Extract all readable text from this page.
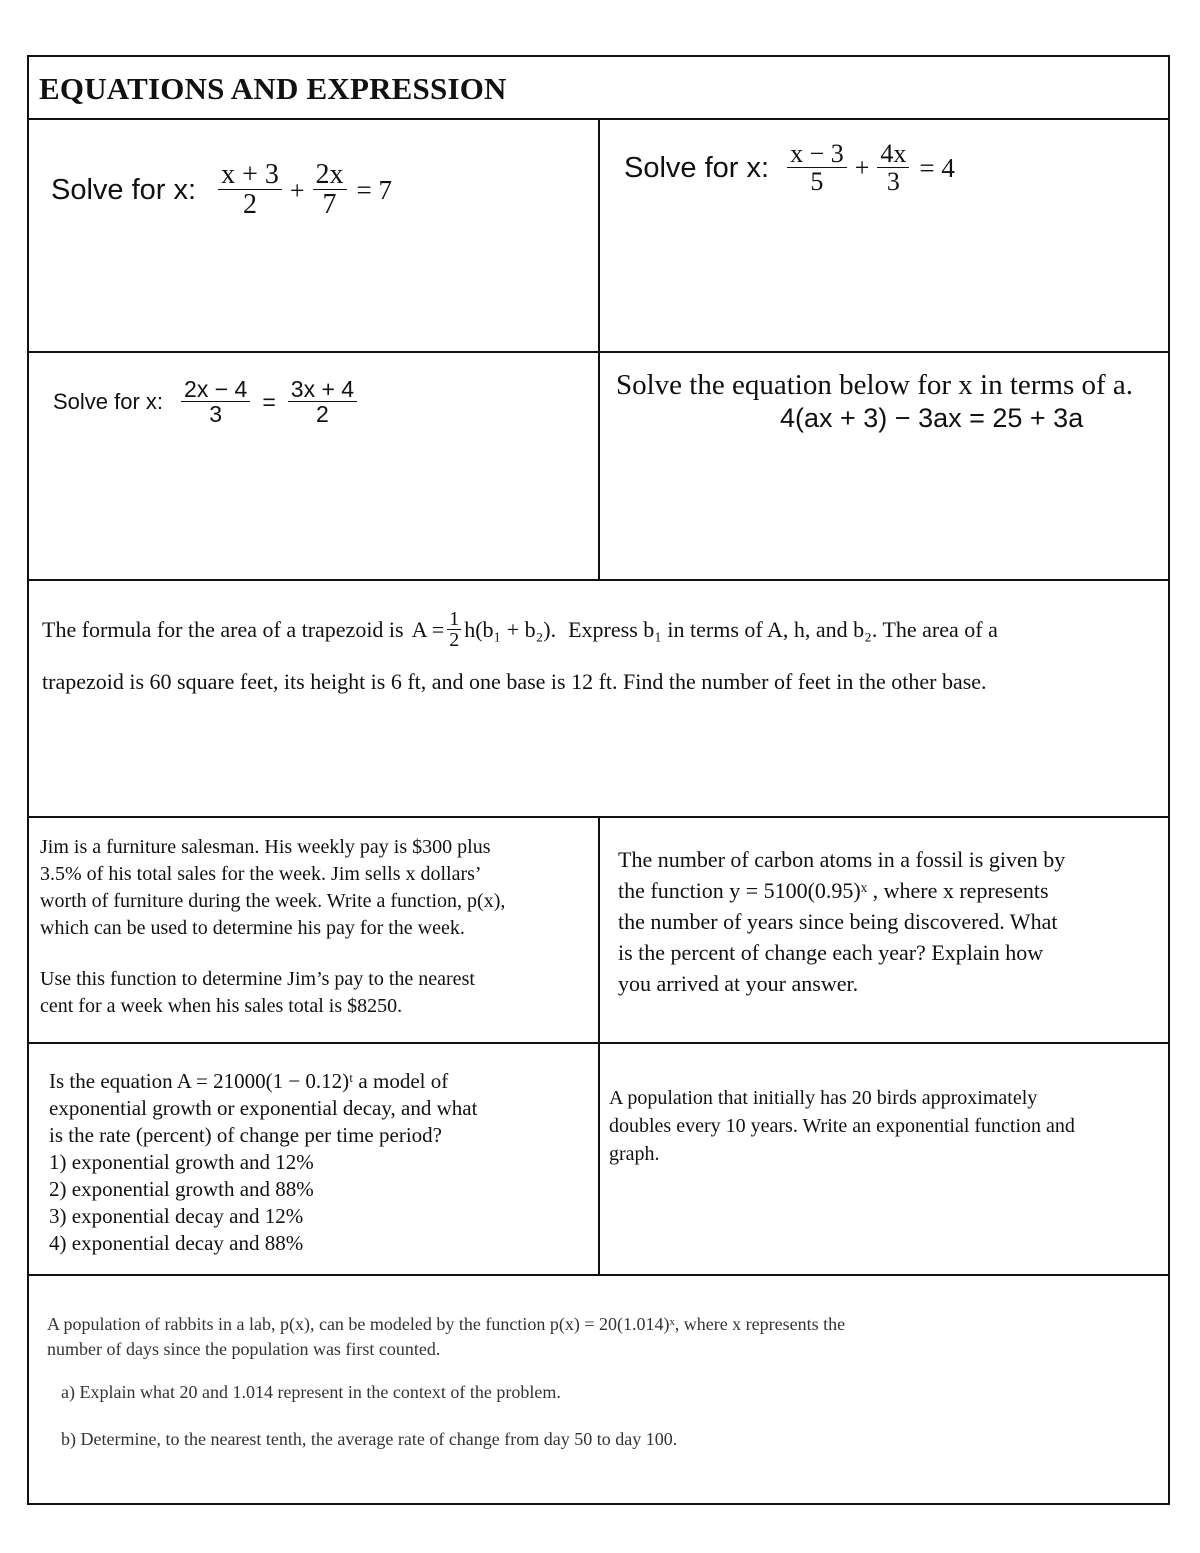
EQUATIONS AND EXPRESSION
Solve for x: $\frac{x + 3}{2} + \frac{2x}{7} = 7$
Solve for x: $\frac{x - 3}{5} + \frac{4x}{3} = 4$
Solve for x: $\frac{2x - 4}{3} = \frac{3x + 4}{2}$	Solve the equation below for x in terms of a.
4(ax + 3) − 3ax = 25 + 3a
The formula for the area of a trapezoid is $A = \frac{1}{2} h(b_1 + b_2)$. Express b₁ in terms of A, h, and b₂. The area of a
trapezoid is 60 square feet, its height is 6 ft, and one base is 12 ft. Find the number of feet in the other base.
Jim is a furniture salesman. His weekly pay is $300 plus
3.5% of his total sales for the week. Jim sells x dollars’
worth of furniture during the week. Write a function, p(x),
which can be used to determine his pay for the week.
Use this function to determine Jim’s pay to the nearest
cent for a week when his sales total is $8250.
The number of carbon atoms in a fossil is given by
the function y = 5100(0.95)ˣ , where x represents
the number of years since being discovered. What
is the percent of change each year? Explain how
you arrived at your answer.
Is the equation A = 21000(1 − 0.12)ᵗ a model of
exponential growth or exponential decay, and what
is the rate (percent) of change per time period?
1) exponential growth and 12%
2) exponential growth and 88%
3) exponential decay and 12%
4) exponential decay and 88%
A population that initially has 20 birds approximately
doubles every 10 years. Write an exponential function and
graph.
A population of rabbits in a lab, p(x), can be modeled by the function p(x) = 20(1.014)ˣ, where x represents the
number of days since the population was first counted.
a) Explain what 20 and 1.014 represent in the context of the problem.
b) Determine, to the nearest tenth, the average rate of change from day 50 to day 100.
